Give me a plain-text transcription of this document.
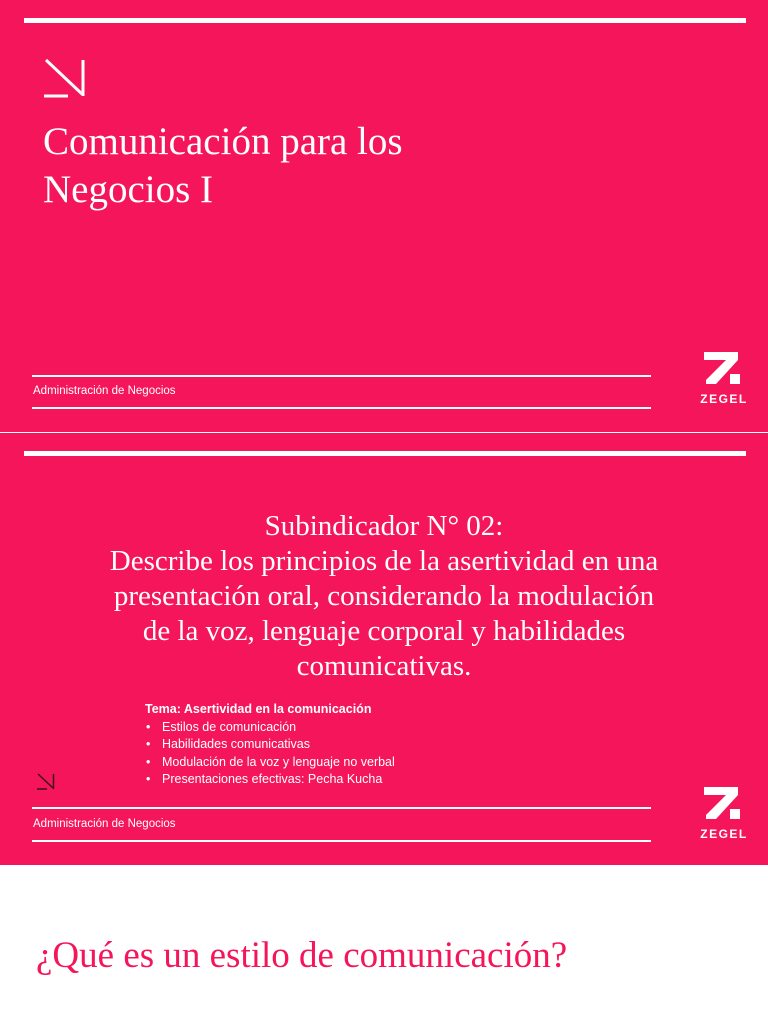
Comunicación para los
Negocios I
Administración de Negocios
ZEGEL
Subindicador N° 02:
Describe los principios de la asertividad en una
presentación oral, considerando la modulación
de la voz, lenguaje corporal y habilidades
comunicativas.
Tema: Asertividad en la comunicación
• Estilos de comunicación
• Habilidades comunicativas
• Modulación de la voz y lenguaje no verbal
• Presentaciones efectivas: Pecha Kucha
Administración de Negocios
ZEGEL
¿Qué es un estilo de comunicación?
